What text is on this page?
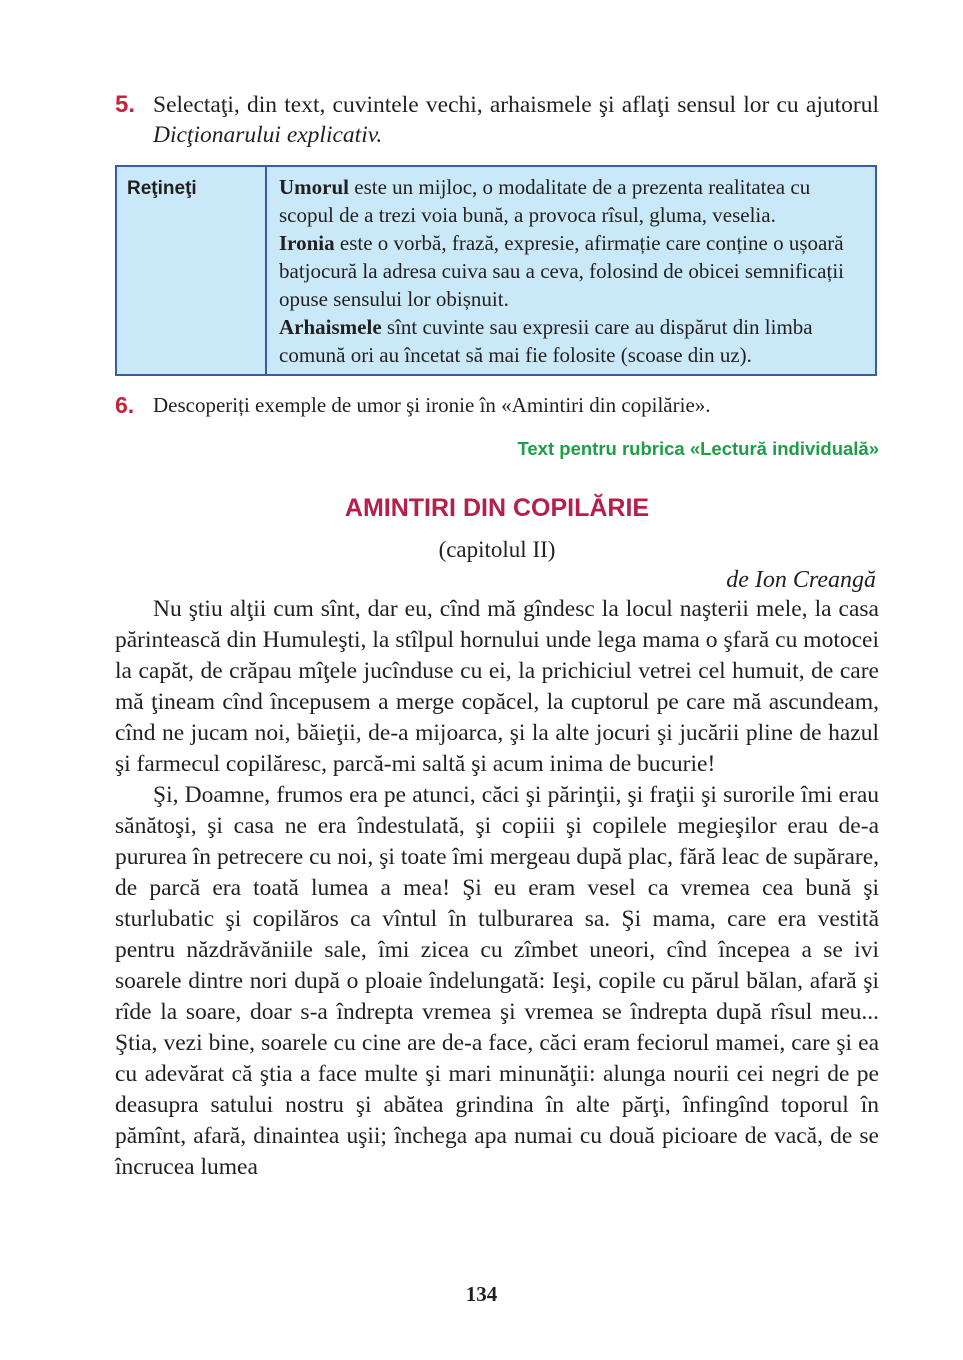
5. Selectaţi, din text, cuvintele vechi, arhaismele şi aflaţi sensul lor cu ajutorul Dicţionarului explicativ.
Reţineţi	Umorul este un mijloc, o modalitate de a prezenta realitatea cu scopul de a trezi voia bună, a provoca rîsul, gluma, veselia.

Ironia este o vorbă, frază, expresie, afirmație care conține o ușoară batjocură la adresa cuiva sau a ceva, folosind de obicei semnificații opuse sensului lor obișnuit.

Arhaismele sînt cuvinte sau expresii care au dispărut din limba comună ori au încetat să mai fie folosite (scoase din uz).

6. Descoperiți exemple de umor şi ironie în «Amintiri din copilărie».
Text pentru rubrica «Lectură individuală»
AMINTIRI DIN COPILĂRIE
(capitolul II)
de Ion Creangă

Nu ştiu alţii cum sînt, dar eu, cînd mă gîndesc la locul naşterii mele, la casa părintească din Humuleşti, la stîlpul hornului unde lega mama o şfară cu motocei la capăt, de crăpau mîţele jucînduse cu ei, la prichiciul vetrei cel humuit, de care mă ţineam cînd începusem a merge copăcel, la cuptorul pe care mă ascundeam, cînd ne jucam noi, băieţii, de-a mijoarca, şi la alte jocuri şi jucării pline de hazul şi farmecul copilăresc, parcă-mi saltă şi acum inima de bucurie!

Şi, Doamne, frumos era pe atunci, căci şi părinţii, şi fraţii şi surorile îmi erau sănătoşi, şi casa ne era îndestulată, şi copiii şi copilele megieşilor erau de-a pururea în petrecere cu noi, şi toate îmi mergeau după plac, fără leac de supărare, de parcă era toată lumea a mea! Şi eu eram vesel ca vremea cea bună şi sturlubatic şi copilăros ca vîntul în tulburarea sa. Şi mama, care era vestită pentru năzdrăvăniile sale, îmi zicea cu zîmbet uneori, cînd începea a se ivi soarele dintre nori după o ploaie îndelungată: Ieşi, copile cu părul bălan, afară şi rîde la soare, doar s-a îndrepta vremea şi vremea se îndrepta după rîsul meu... Ştia, vezi bine, soarele cu cine are de-a face, căci eram feciorul mamei, care şi ea cu adevărat că ştia a face multe şi mari minunăţii: alunga nourii cei negri de pe deasupra satului nostru şi abătea grindina în alte părţi, înfingînd toporul în pămînt, afară, dinaintea uşii; închega apa numai cu două picioare de vacă, de se încrucea lumea

134
